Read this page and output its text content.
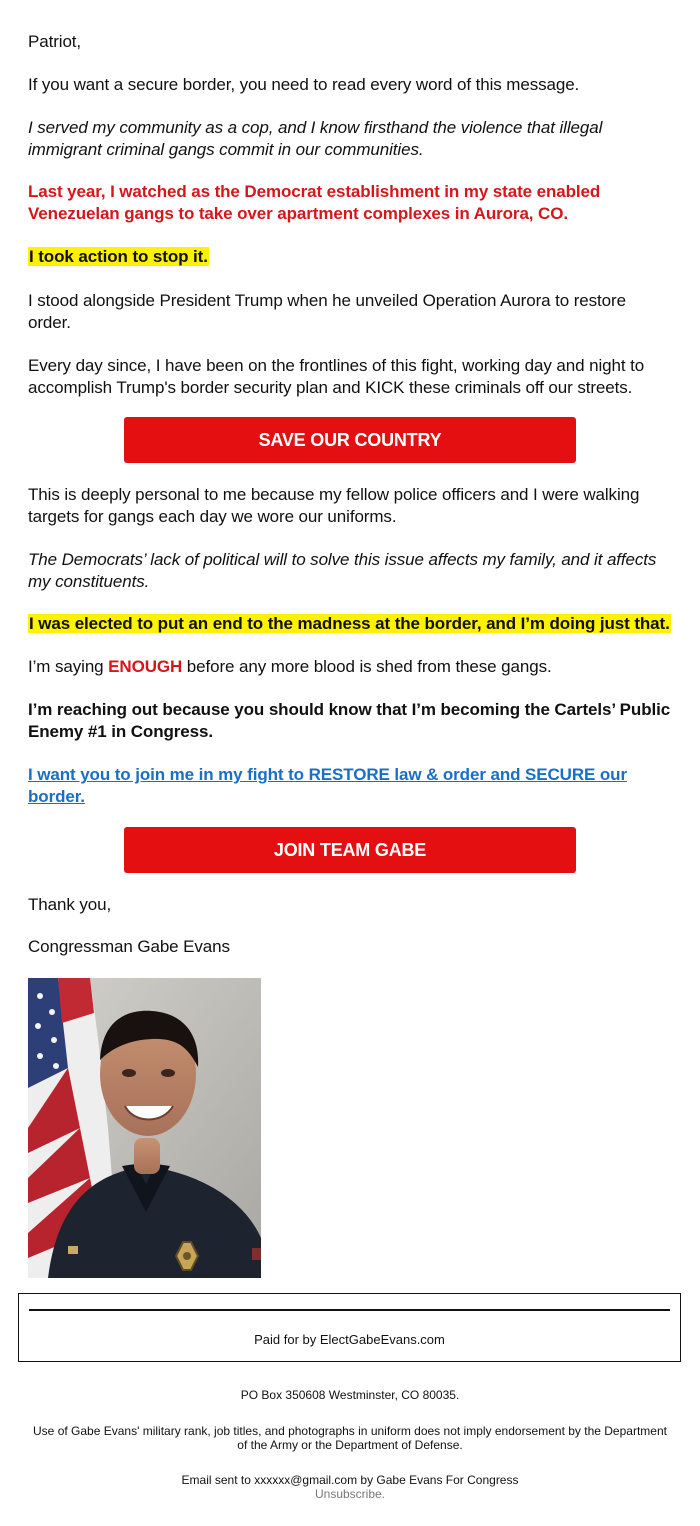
Patriot,

If you want a secure border, you need to read every word of this message.

I served my community as a cop, and I know firsthand the violence that illegal immigrant criminal gangs commit in our communities.

Last year, I watched as the Democrat establishment in my state enabled Venezuelan gangs to take over apartment complexes in Aurora, CO.

I took action to stop it.

I stood alongside President Trump when he unveiled Operation Aurora to restore order.

Every day since, I have been on the frontlines of this fight, working day and night to accomplish Trump's border security plan and KICK these criminals off our streets.

SAVE OUR COUNTRY

This is deeply personal to me because my fellow police officers and I were walking targets for gangs each day we wore our uniforms.

The Democrats’ lack of political will to solve this issue affects my family, and it affects my constituents.

I was elected to put an end to the madness at the border, and I’m doing just that.

I’m saying ENOUGH before any more blood is shed from these gangs.

I’m reaching out because you should know that I’m becoming the Cartels’ Public Enemy #1 in Congress.

I want you to join me in my fight to RESTORE law & order and SECURE our border.

JOIN TEAM GABE

Thank you,

Congressman Gabe Evans

Paid for by ElectGabeEvans.com

PO Box 350608 Westminster, CO 80035.

Use of Gabe Evans' military rank, job titles, and photographs in uniform does not imply endorsement by the Department of the Army or the Department of Defense.

Email sent to xxxxxx@gmail.com by Gabe Evans For Congress

Unsubscribe.
